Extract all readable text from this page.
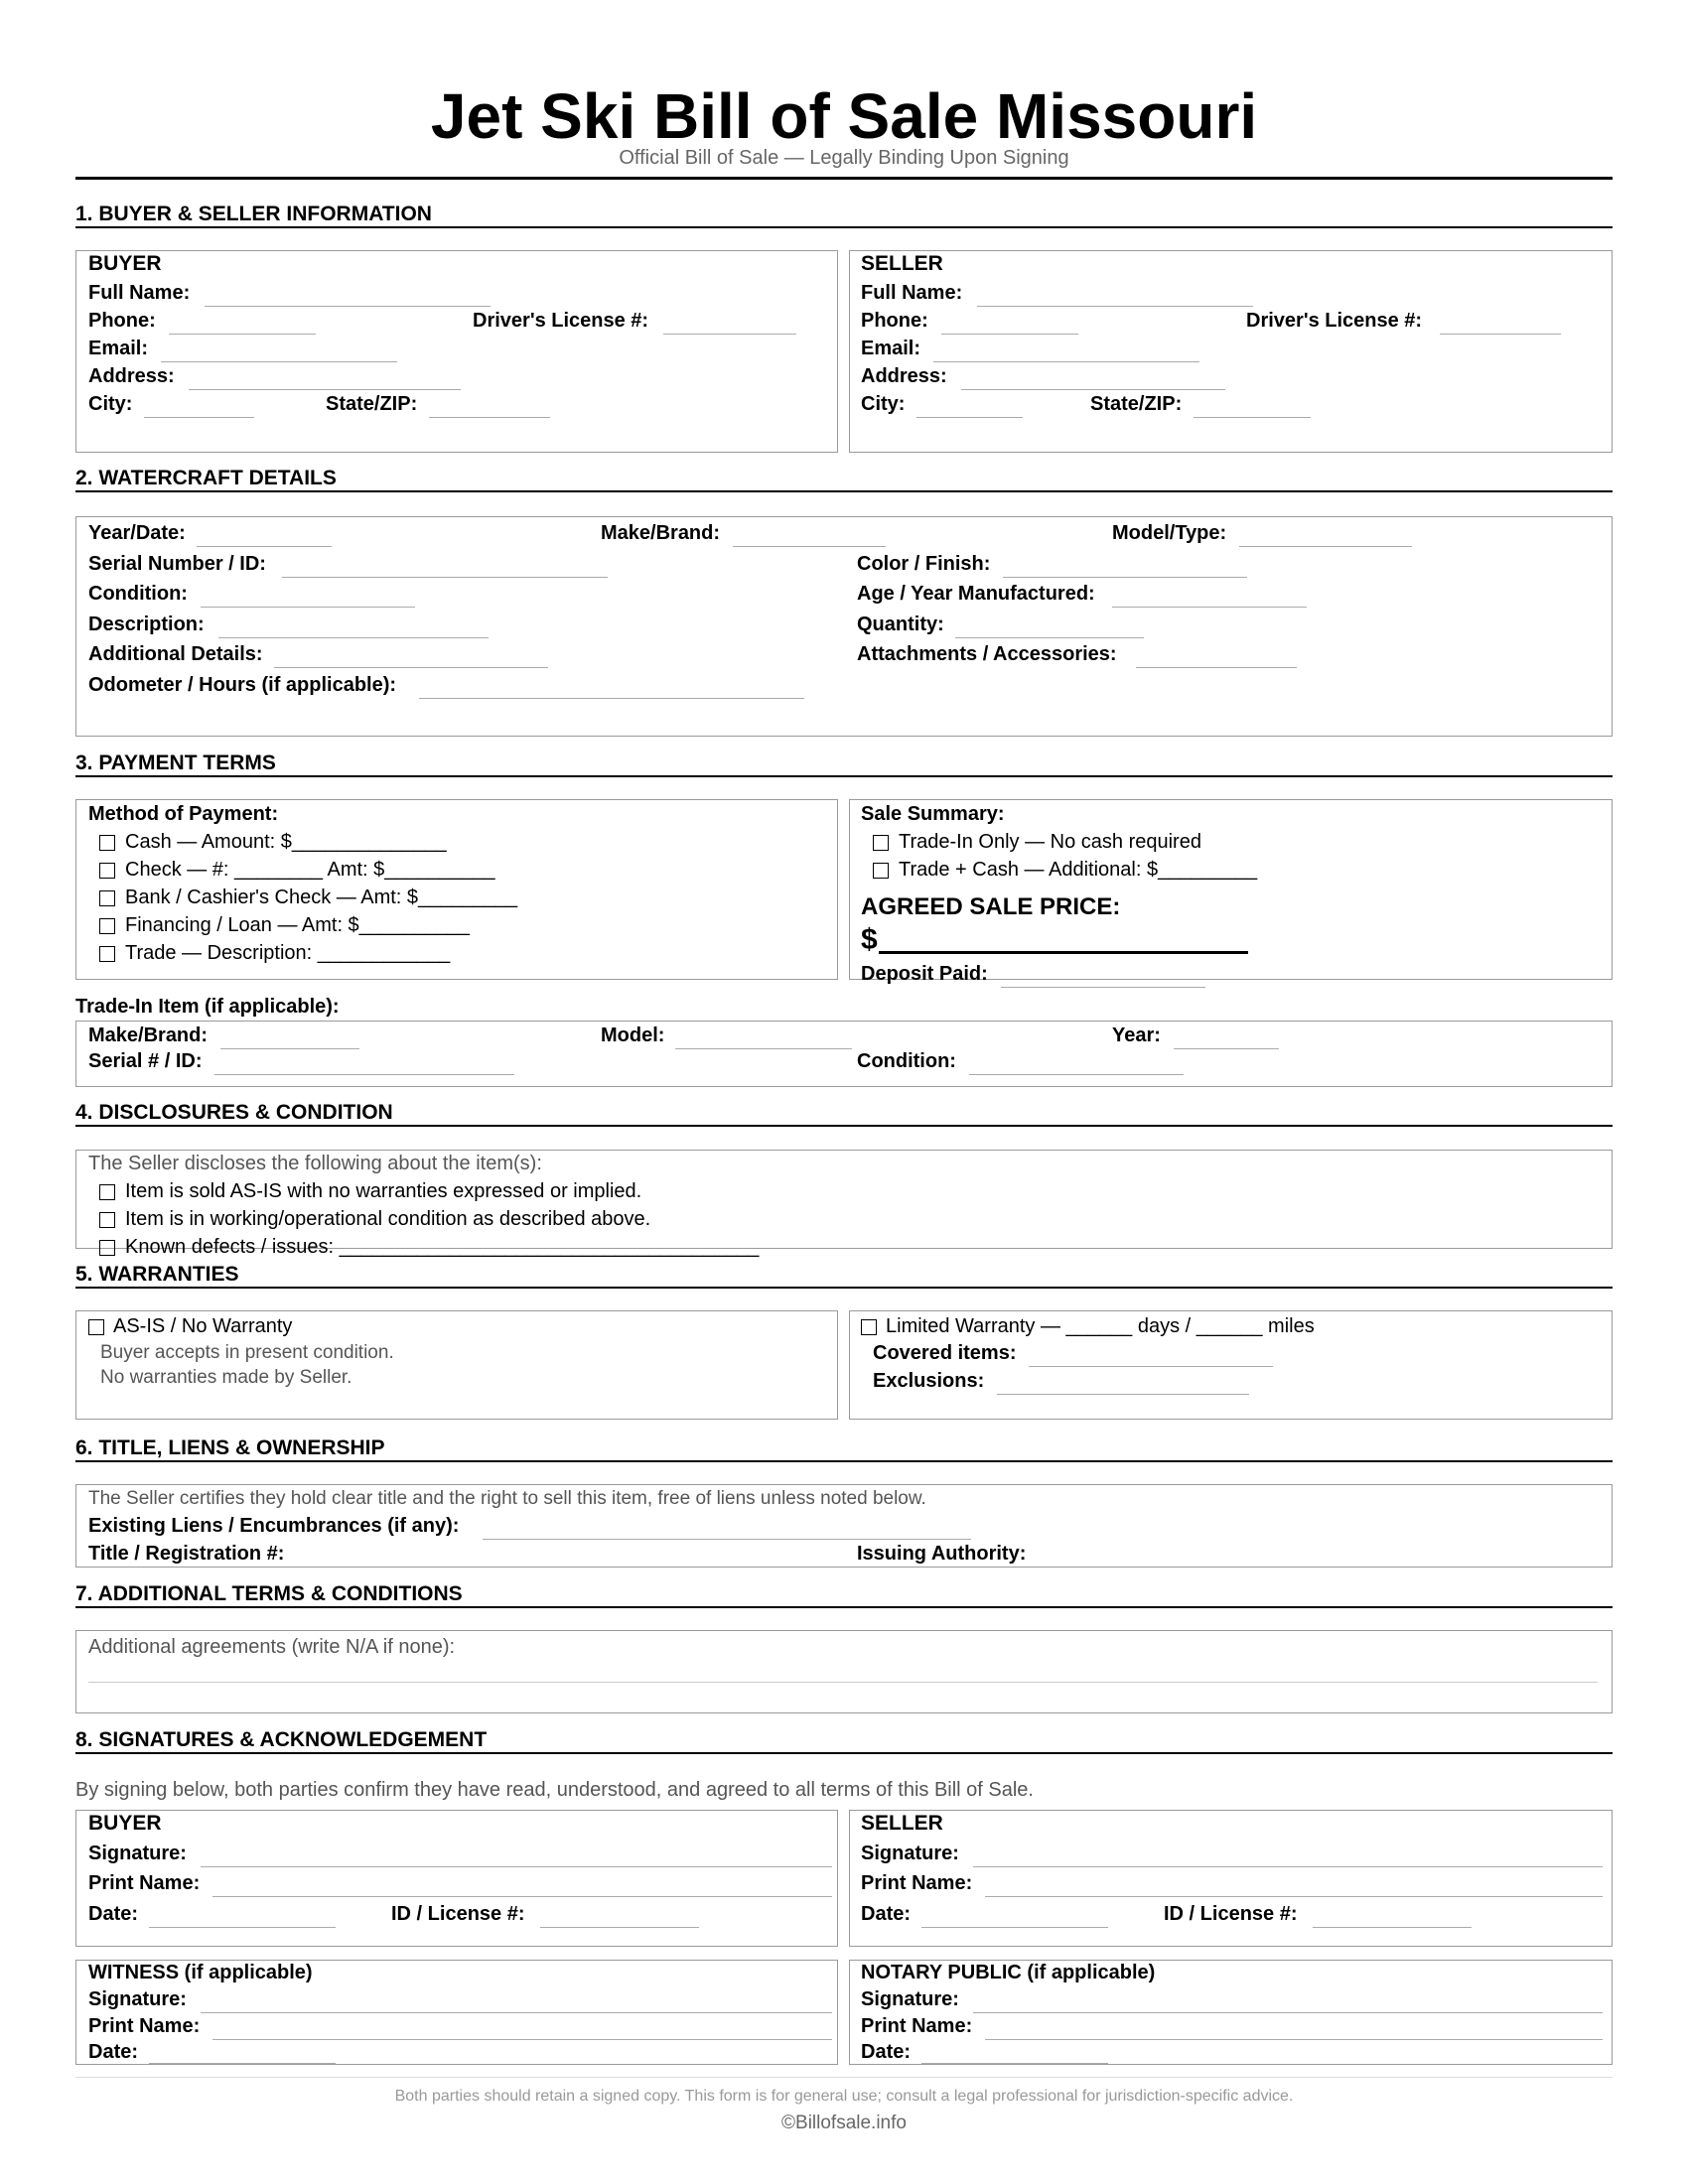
Jet Ski Bill of Sale Missouri
Official Bill of Sale — Legally Binding Upon Signing
1. BUYER & SELLER INFORMATION
BUYER
Full Name:
Phone:	Driver's License #:
Email:
Address:
City:	State/ZIP:
SELLER
Full Name:
Phone:	Driver's License #:
Email:
Address:
City:	State/ZIP:
2. WATERCRAFT DETAILS
Year/Date:	Make/Brand:	Model/Type:
Serial Number / ID:	Color / Finish:
Condition:	Age / Year Manufactured:
Description:	Quantity:
Additional Details:	Attachments / Accessories:
Odometer / Hours (if applicable):
3. PAYMENT TERMS
Method of Payment:
Cash — Amount: $______________
Check — #: ________ Amt: $__________
Bank / Cashier's Check — Amt: $_________
Financing / Loan — Amt: $__________
Trade — Description: ____________
Sale Summary:
Trade-In Only — No cash required
Trade + Cash — Additional: $_________
AGREED SALE PRICE:
$
Deposit Paid:
Trade-In Item (if applicable):
Make/Brand:	Model:	Year:
Serial # / ID:	Condition:
4. DISCLOSURES & CONDITION
The Seller discloses the following about the item(s):
Item is sold AS-IS with no warranties expressed or implied.
Item is in working/operational condition as described above.
Known defects / issues: ______________________________________
5. WARRANTIES
AS-IS / No Warranty
Buyer accepts in present condition.
No warranties made by Seller.
Limited Warranty — ______ days / ______ miles
Covered items:
Exclusions:
6. TITLE, LIENS & OWNERSHIP
The Seller certifies they hold clear title and the right to sell this item, free of liens unless noted below.
Existing Liens / Encumbrances (if any):
Title / Registration #:	Issuing Authority:
7. ADDITIONAL TERMS & CONDITIONS
Additional agreements (write N/A if none):
8. SIGNATURES & ACKNOWLEDGEMENT
By signing below, both parties confirm they have read, understood, and agreed to all terms of this Bill of Sale.
BUYER
Signature:
Print Name:
Date:	ID / License #:
SELLER
Signature:
Print Name:
Date:	ID / License #:
WITNESS (if applicable)
Signature:
Print Name:
Date:
NOTARY PUBLIC (if applicable)
Signature:
Print Name:
Date:
Both parties should retain a signed copy. This form is for general use; consult a legal professional for jurisdiction-specific advice.
©Billofsale.info
